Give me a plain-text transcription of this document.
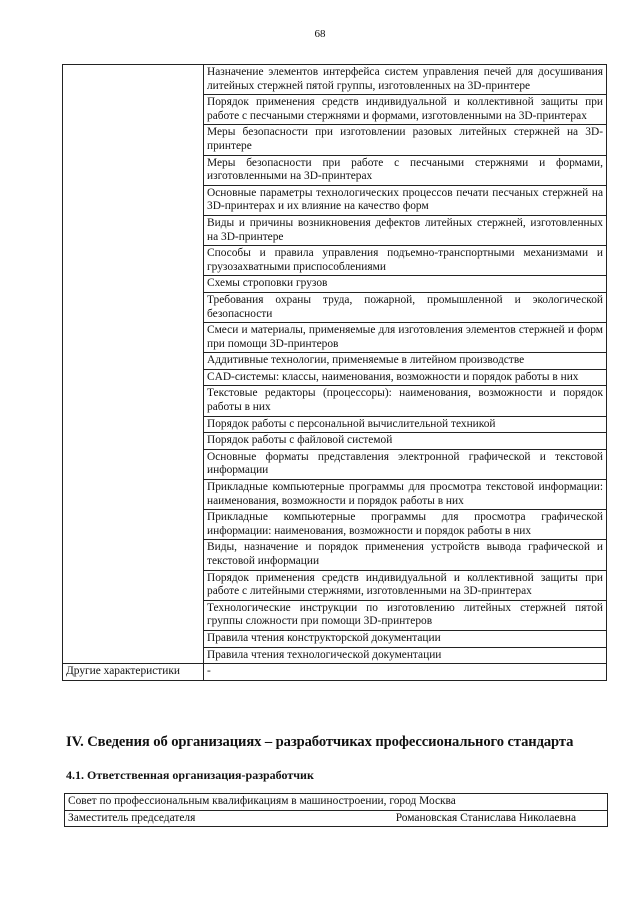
68
	Назначение элементов интерфейса систем управления печей для досушивания литейных стержней пятой группы, изготовленных на 3D-принтере
	Порядок применения средств индивидуальной и коллективной защиты при работе с песчаными стержнями и формами, изготовленными на 3D-принтерах
	Меры безопасности при изготовлении разовых литейных стержней на 3D-принтере
	Меры безопасности при работе с песчаными стержнями и формами, изготовленными на 3D-принтерах
	Основные параметры технологических процессов печати песчаных стержней на 3D-принтерах и их влияние на качество форм
	Виды и причины возникновения дефектов литейных стержней, изготовленных на 3D-принтере
	Способы и правила управления подъемно-транспортными механизмами и грузозахватными приспособлениями
	Схемы строповки грузов
	Требования охраны труда, пожарной, промышленной и экологической безопасности
	Смеси и материалы, применяемые для изготовления элементов стержней и форм при помощи 3D-принтеров
	Аддитивные технологии, применяемые в литейном производстве
	CAD-системы: классы, наименования, возможности и порядок работы в них
	Текстовые редакторы (процессоры): наименования, возможности и порядок работы в них
	Порядок работы с персональной вычислительной техникой
	Порядок работы с файловой системой
	Основные форматы представления электронной графической и текстовой информации
	Прикладные компьютерные программы для просмотра текстовой информации: наименования, возможности и порядок работы в них
	Прикладные компьютерные программы для просмотра графической информации: наименования, возможности и порядок работы в них
	Виды, назначение и порядок применения устройств вывода графической и текстовой информации
	Порядок применения средств индивидуальной и коллективной защиты при работе с литейными стержнями, изготовленными на 3D-принтерах
	Технологические инструкции по изготовлению литейных стержней пятой группы сложности при помощи 3D-принтеров
	Правила чтения конструкторской документации
	Правила чтения технологической документации
Другие характеристики	-
IV. Сведения об организациях – разработчиках профессионального стандарта
4.1. Ответственная организация-разработчик
Совет по профессиональным квалификациям в машиностроении, город Москва

Заместитель председателя	Романовская Станислава Николаевна
